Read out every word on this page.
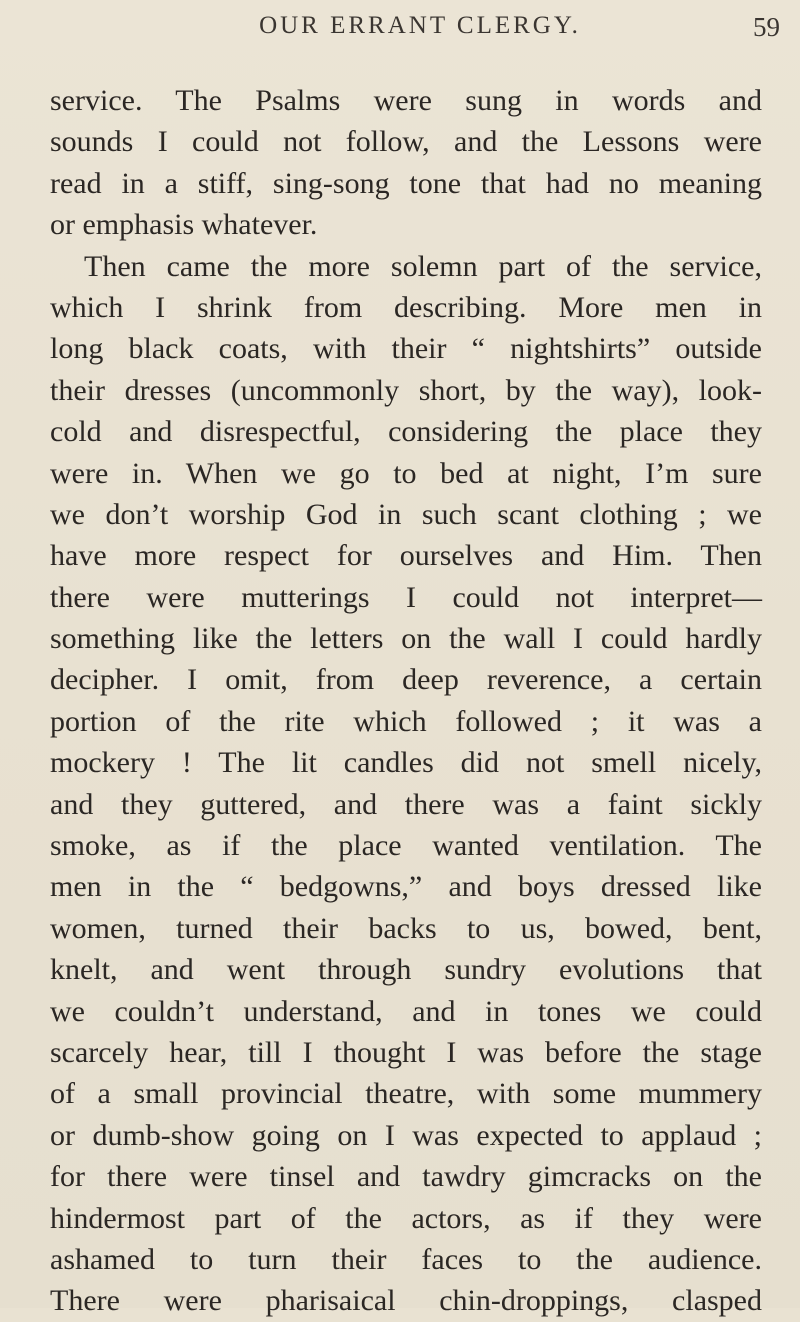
OUR ERRANT CLERGY.	59
service. The Psalms were sung in words and
sounds I could not follow, and the Lessons were
read in a stiff, sing-song tone that had no meaning
or emphasis whatever.
Then came the more solemn part of the service,
which I shrink from describing. More men in
long black coats, with their “ nightshirts” outside
their dresses (uncommonly short, by the way), look-
cold and disrespectful, considering the place they
were in. When we go to bed at night, I’m sure
we don’t worship God in such scant clothing ; we
have more respect for ourselves and Him. Then
there were mutterings I could not interpret—
something like the letters on the wall I could hardly
decipher. I omit, from deep reverence, a certain
portion of the rite which followed ; it was a
mockery ! The lit candles did not smell nicely,
and they guttered, and there was a faint sickly
smoke, as if the place wanted ventilation. The
men in the “ bedgowns,” and boys dressed like
women, turned their backs to us, bowed, bent,
knelt, and went through sundry evolutions that
we couldn’t understand, and in tones we could
scarcely hear, till I thought I was before the stage
of a small provincial theatre, with some mummery
or dumb-show going on I was expected to applaud ;
for there were tinsel and tawdry gimcracks on the
hindermost part of the actors, as if they were
ashamed to turn their faces to the audience.
There were pharisaical chin-droppings, clasped
